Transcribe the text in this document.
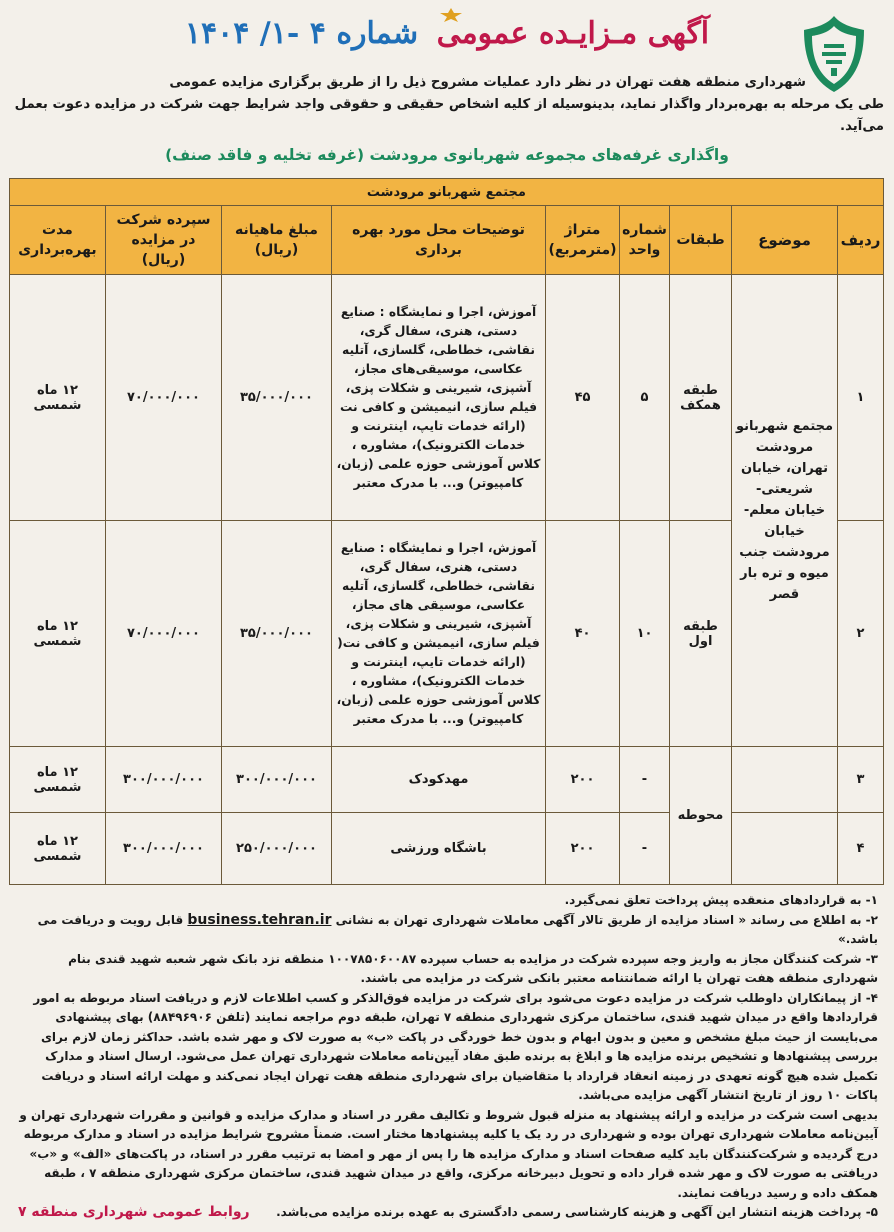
آگهی مـزایـده عمومی شماره ۴ -۱/ ۱۴۰۴
شهرداری منطقه هفت تهران در نظر دارد عملیات مشروح ذیل را از طریق برگزاری مزایده عمومی
طی یک مرحله به بهره‌بردار واگذار نماید، بدینوسیله از کلیه اشخاص حقیقی و حقوقی واجد شرایط جهت شرکت در مزایده دعوت بعمل می‌آید.
واگذاری غرفه‌های مجموعه شهربانوی مرودشت (غرفه تخلیه و فاقد صنف)
مجتمع شهربانو مرودشت								
ردیف	موضوع	طبقات	شماره واحد	متراژ (مترمربع)	توضیحات محل مورد بهره برداری	مبلغ ماهیانه (ریال)	سپرده شرکت در مزایده (ریال)	مدت بهره‌برداری
۱	مجتمع شهربانو مرودشت تهران، خیابان شریعتی- خیابان معلم- خیابان مرودشت جنب میوه و تره بار قصر	طبقه همکف	۵	۴۵	آموزش، اجرا و نمایشگاه : صنایع دستی، هنری، سفال گری، نقاشی، خطاطی، گلسازی، آتلیه عکاسی، موسیقی‌های مجاز، آشپزی، شیرینی و شکلات پزی، فیلم سازی، انیمیشن و کافی نت (ارائه خدمات تایپ، اینترنت و خدمات الکترونیک)، مشاوره ، کلاس آموزشی حوزه علمی (زبان، کامپیوتر) و... با مدرک معتبر	۳۵/۰۰۰/۰۰۰	۷۰/۰۰۰/۰۰۰	۱۲ ماه شمسی
۲		طبقه اول	۱۰	۴۰	آموزش، اجرا و نمایشگاه : صنایع دستی، هنری، سفال گری، نقاشی، خطاطی، گلسازی، آتلیه عکاسی، موسیقی های مجاز، آشپزی، شیرینی و شکلات پزی، فیلم سازی، انیمیشن و کافی نت( (ارائه خدمات تایپ، اینترنت و خدمات الکترونیک)، مشاوره ، کلاس آموزشی حوزه علمی (زبان، کامپیوتر) و... با مدرک معتبر	۳۵/۰۰۰/۰۰۰	۷۰/۰۰۰/۰۰۰	۱۲ ماه شمسی
۳		محوطه	-	۲۰۰	مهدکودک	۳۰۰/۰۰۰/۰۰۰	۳۰۰/۰۰۰/۰۰۰	۱۲ ماه شمسی
۴			-	۲۰۰	باشگاه ورزشی	۲۵۰/۰۰۰/۰۰۰	۳۰۰/۰۰۰/۰۰۰	۱۲ ماه شمسی

۱- به قراردادهای منعقده پیش پرداخت تعلق نمی‌گیرد.

۲- به اطلاع می رساند « اسناد مزایده از طریق تالار آگهی معاملات شهرداری تهران به نشانی business.tehran.ir قابل رویت و دریافت می باشد.»

۳- شرکت کنندگان مجاز به واریز وجه سپرده شرکت در مزایده به حساب سپرده ۱۰۰۷۸۵۰۶۰۰۸۷ منطقه نزد بانک شهر شعبه شهید قندی بنام شهرداری منطقه هفت تهران یا ارائه ضمانتنامه معتبر بانکی شرکت در مزایده می باشند.

۴- از پیمانکاران داوطلب شرکت در مزایده دعوت می‌شود برای شرکت در مزایده فوق‌الذکر و کسب اطلاعات لازم و دریافت اسناد مربوطه به امور قراردادها واقع در میدان شهید قندی، ساختمان مرکزی شهرداری منطقه ۷ تهران، طبقه دوم مراجعه نمایند (تلفن ۸۸۴۹۶۹۰۶) بهای پیشنهادی می‌بایست از حیث مبلغ مشخص و معین و بدون ابهام و بدون خط خوردگی در پاکت «ب» به صورت لاک و مهر شده باشد. حداکثر زمان لازم برای بررسی پیشنهادها و تشخیص برنده مزایده ها و ابلاغ به برنده طبق مفاد آیین‌نامه معاملات شهرداری تهران عمل می‌شود. ارسال اسناد و مدارک تکمیل شده هیچ گونه تعهدی در زمینه انعقاد قرارداد با متقاضیان برای شهرداری منطقه هفت تهران ایجاد نمی‌کند و مهلت ارائه اسناد و دریافت پاکات ۱۰ روز از تاریخ انتشار آگهی مزایده می‌باشد.

بدیهی است شرکت در مزایده و ارائه پیشنهاد به منزله قبول شروط و تکالیف مقرر در اسناد و مدارک مزایده و قوانین و مقررات شهرداری تهران و آیین‌نامه معاملات شهرداری تهران بوده و شهرداری در رد یک یا کلیه پیشنهادها مختار است. ضمناً مشروح شرایط مزایده در اسناد و مدارک مربوطه درج گردیده و شرکت‌کنندگان باید کلیه صفحات اسناد و مدارک مزایده ها را پس از مهر و امضا به ترتیب مقرر در اسناد، در پاکت‌های «الف» و «ب» دریافتی به صورت لاک و مهر شده قرار داده و تحویل دبیرخانه مرکزی، واقع در میدان شهید قندی، ساختمان مرکزی شهرداری منطقه ۷ ، طبقه همکف داده و رسید دریافت نمایند.

۵- پرداخت هزینه انتشار این آگهی و هزینه کارشناسی رسمی دادگستری به عهده برنده مزایده می‌باشد.

روابط عمومی شهرداری منطقه ۷
